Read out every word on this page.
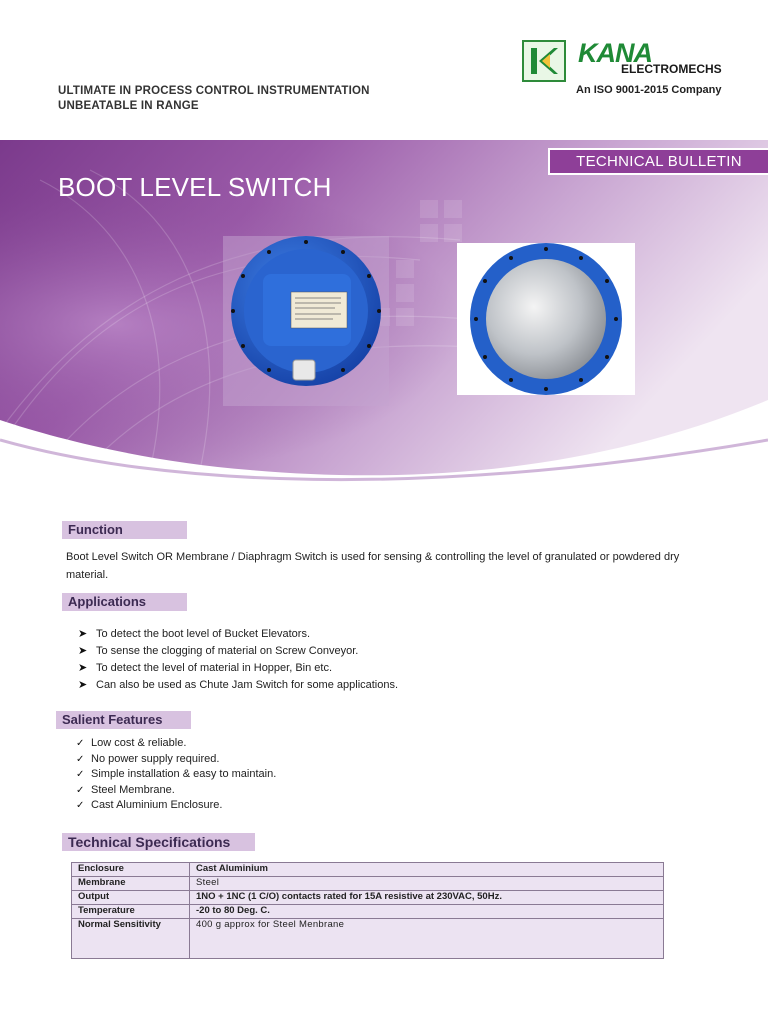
ULTIMATE IN PROCESS CONTROL INSTRUMENTATION
UNBEATABLE IN RANGE
KANA
ELECTROMECHS
An ISO 9001-2015 Company
TECHNICAL BULLETIN
BOOT LEVEL SWITCH
Function
Boot Level Switch OR Membrane / Diaphragm Switch is used for sensing & controlling the level of granulated or powdered dry material.
Applications
➤ To detect the boot level of Bucket Elevators.
➤ To sense the clogging of material on Screw Conveyor.
➤ To detect the level of material in Hopper, Bin etc.
➤ Can also be used as Chute Jam Switch for some applications.
Salient Features
✓ Low cost & reliable.
✓ No power supply required.
✓ Simple installation & easy to maintain.
✓ Steel Membrane.
✓ Cast Aluminium Enclosure.
Technical Specifications
Enclosure	Cast Aluminium
Membrane	Steel
Output	1NO + 1NC (1 C/O) contacts rated for 15A resistive at 230VAC, 50Hz.
Temperature	-20 to 80 Deg. C.
Normal Sensitivity	400 g approx for Steel Menbrane
